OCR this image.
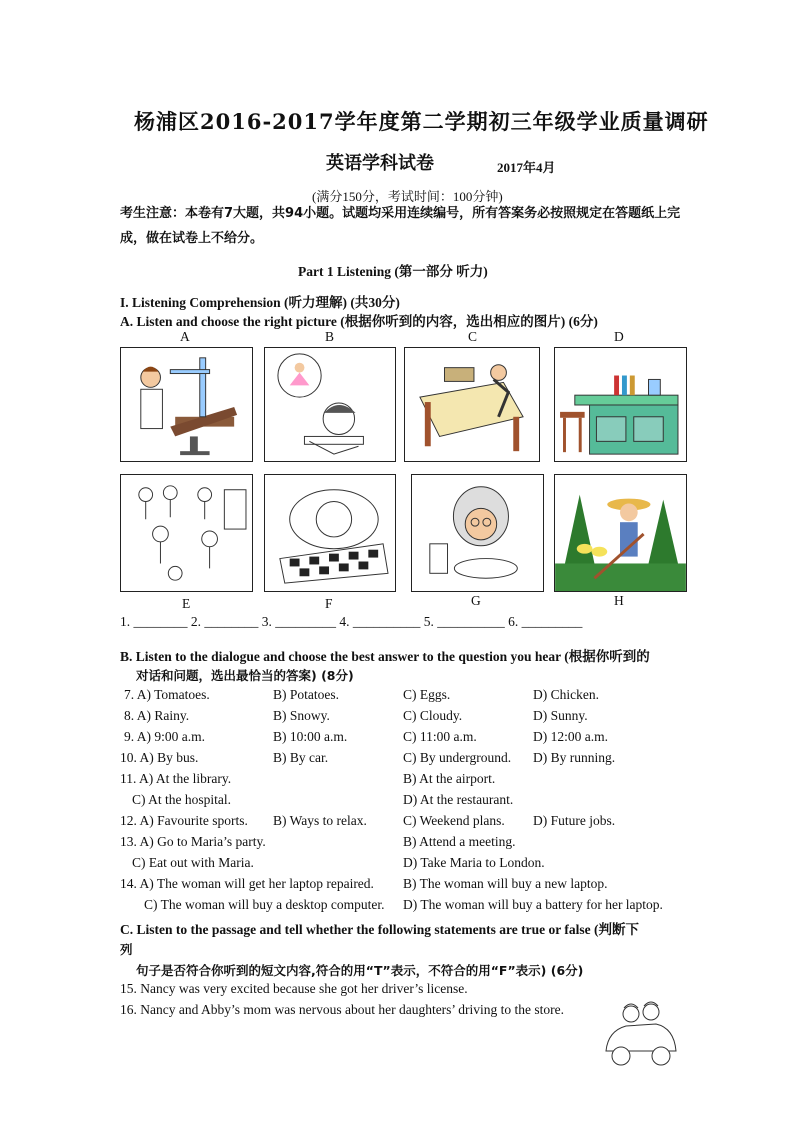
杨浦区2016-2017学年度第二学期初三年级学业质量调研
英语学科试卷	2017年4月
(满分150分，考试时间：100分钟)
考生注意：本卷有7大题，共94小题。试题均采用连续编号，所有答案务必按照规定在答题纸上完成，做在试卷上不给分。
Part 1 Listening (第一部分 听力)
I. Listening Comprehension (听力理解) (共30分)
A. Listen and choose the right picture (根据你听到的内容，选出相应的图片) (6分)
A	B	C	D
E	F	G	H
1. ________ 2. ________ 3. _________ 4. __________ 5. __________ 6. _________
B. Listen to the dialogue and choose the best answer to the question you hear (根据你听到的
对话和问题，选出最恰当的答案) (8分)
7. A) Tomatoes.	B) Potatoes.	C) Eggs.	D) Chicken.
8. A) Rainy.	B) Snowy.	C) Cloudy.	D) Sunny.
9. A) 9:00 a.m.	B) 10:00 a.m.	C) 11:00 a.m.	D) 12:00 a.m.
10. A) By bus.	B) By car.	C) By underground. D) By running.
11. A) At the library.	B) At the airport.
C) At the hospital.	D) At the restaurant.
12. A) Favourite sports. B) Ways to relax.	C) Weekend plans. D) Future jobs.
13. A) Go to Maria’s party.	B) Attend a meeting.
C) Eat out with Maria.	D) Take Maria to London.
14. A) The woman will get her laptop repaired. B) The woman will buy a new laptop.
C) The woman will buy a desktop computer. D) The woman will buy a battery for her laptop.
C. Listen to the passage and tell whether the following statements are true or false (判断下
列
句子是否符合你听到的短文内容,符合的用“T”表示，不符合的用“F”表示) (6分)
15. Nancy was very excited because she got her driver’s license.
16. Nancy and Abby’s mom was nervous about her daughters’ driving to the store.
